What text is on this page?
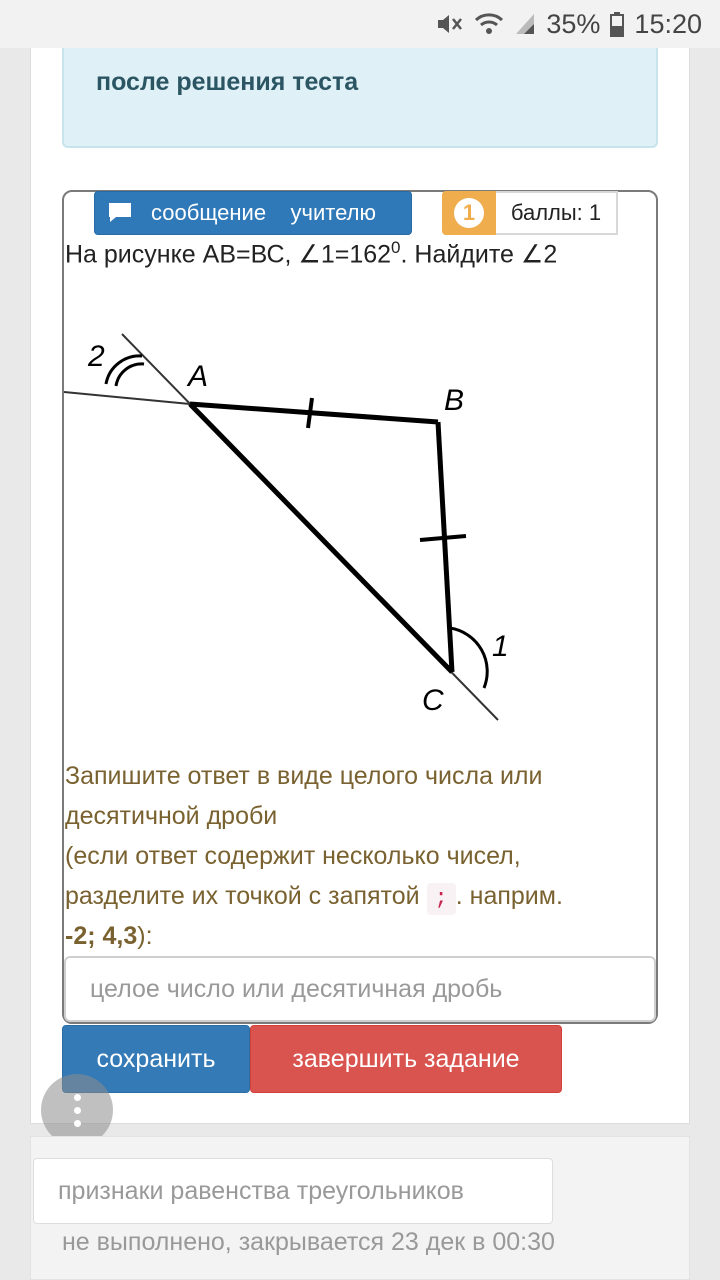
35% 15:20
после решения теста
сообщение    учителю	1	баллы: 1
На рисунке АВ=ВС, $\angle 1=162^0$. Найдите ∠2
2
A
B
C
1
Запишите ответ в виде целого числа или
десятичной дроби
(если ответ содержит несколько чисел,
разделите их точкой с запятой ; . наприм.
-2; 4,3):
целое число или десятичная дробь
сохранить	завершить задание
признаки равенства треугольников
не выполнено, закрывается 23 дек в 00:30
